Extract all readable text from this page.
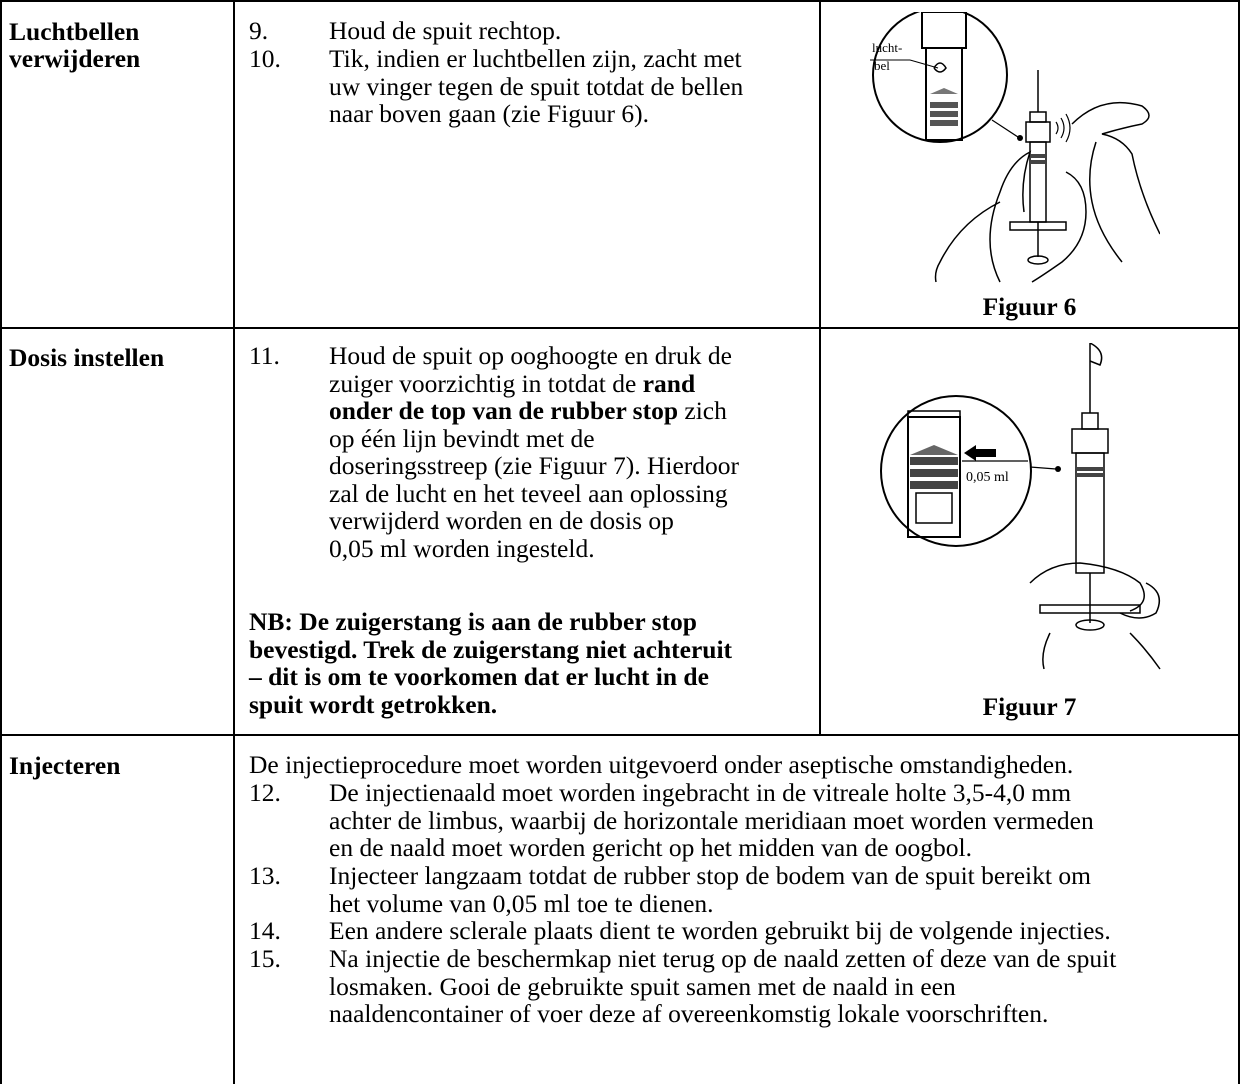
Luchtbellen
verwijderen
9. Houd de spuit rechtop.
10. Tik, indien er luchtbellen zijn, zacht met
uw vinger tegen de spuit totdat de bellen
naar boven gaan (zie Figuur 6).
lucht-
bel
Figuur 6
Dosis instellen	11. Houd de spuit op ooghoogte en druk de
zuiger voorzichtig in totdat de rand
onder de top van de rubber stop zich
op één lijn bevindt met de
doseringsstreep (zie Figuur 7). Hierdoor
zal de lucht en het teveel aan oplossing
verwijderd worden en de dosis op
0,05 ml worden ingesteld.
NB: De zuigerstang is aan de rubber stop
bevestigd. Trek de zuigerstang niet achteruit
– dit is om te voorkomen dat er lucht in de
spuit wordt getrokken.
0,05 ml
Figuur 7
Injecteren	De injectieprocedure moet worden uitgevoerd onder aseptische omstandigheden.
12. De injectienaald moet worden ingebracht in de vitreale holte 3,5-4,0 mm
achter de limbus, waarbij de horizontale meridiaan moet worden vermeden
en de naald moet worden gericht op het midden van de oogbol.
13. Injecteer langzaam totdat de rubber stop de bodem van de spuit bereikt om
het volume van 0,05 ml toe te dienen.
14. Een andere sclerale plaats dient te worden gebruikt bij de volgende injecties.
15. Na injectie de beschermkap niet terug op de naald zetten of deze van de spuit
losmaken. Gooi de gebruikte spuit samen met de naald in een
naaldencontainer of voer deze af overeenkomstig lokale voorschriften.
